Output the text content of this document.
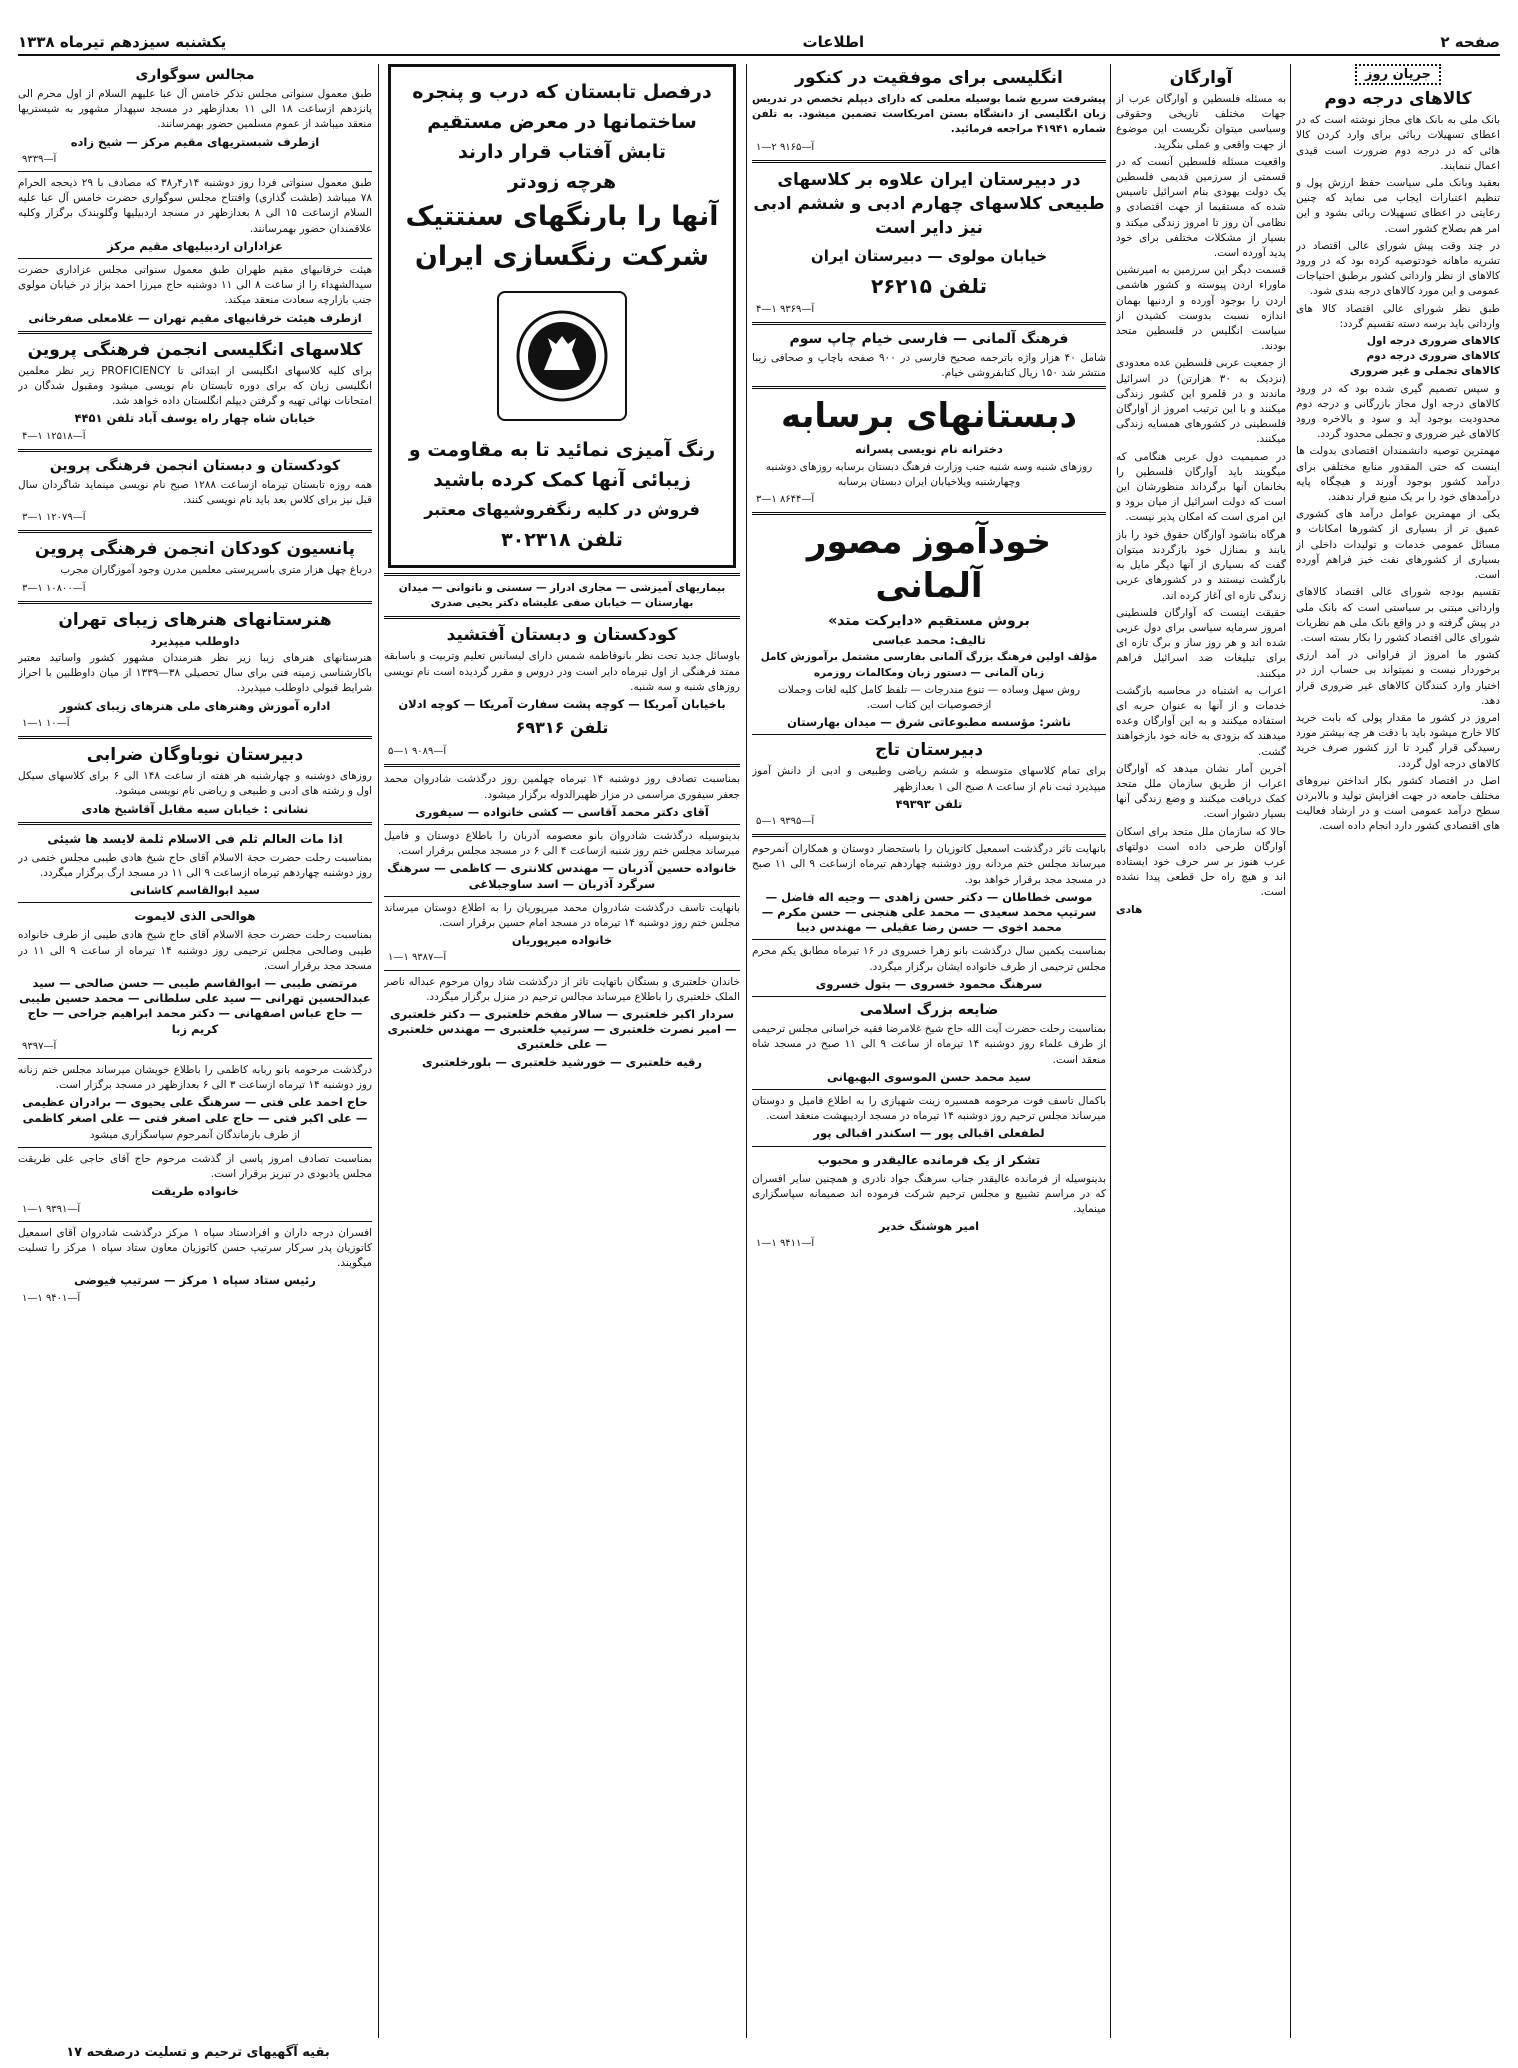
صفحه ۲
اطلاعات
یکشنبه سیزدهم تیرماه ۱۳۳۸
جریان روز
کالاهای درجه دوم

بانک ملی به بانک های مجاز نوشته است که در اعطای تسهیلات ربائی برای وارد کردن کالا هائی که در درجه دوم ضرورت است قیدی اعمال ننمایند.

بعقید وبانک ملی سیاست حفظ ارزش پول و تنظیم اعتبارات ایجاب می نماید که چنین رعایتی در اعطای تسهیلات ربائی بشود و این امر هم بصلاح کشور است.

در چند وقت پیش شورای عالی اقتصاد در تشریه ماهانه خودتوصیه کرده بود که در ورود کالاهای از نظر وارداتی کشور برطبق احتیاجات عمومی و این مورد کالاهای درجه بندی شود.

طبق نظر شورای عالی اقتصاد کالا های وارداتی باید برسه دسته تقسیم گردد:

کالاهای ضروری درجه اول
کالاهای ضروری درجه دوم
کالاهای تجملی و غیر ضروری

و سپس تصمیم گیری شده بود که در ورود کالاهای درجه اول مجاز بازرگانی و درجه دوم محدودیت بوجود آید و سود و بالاخره ورود کالاهای غیر ضروری و تجملی محدود گردد.

مهمترین توصیه دانشمندان اقتصادی بدولت ها اینست که حتی المقدور منابع مختلفی برای درآمد کشور بوجود آورند و هیچگاه پایه درآمدهای خود را بر یک منبع قرار ندهند.

یکی از مهمترین عوامل درآمد های کشوری عمیق تر از بسیاری از کشورها امکانات و مسائل عمومی خدمات و تولیدات داخلی از بسیاری از کشورهای نفت خیز فراهم آورده است.

تقسیم بودجه شورای عالی اقتصاد کالاهای وارداتی مبتنی بر سیاستی است که بانک ملی در پیش گرفته و در واقع بانک ملی هم نظریات شورای عالی اقتصاد کشور را بکار بسته است.

کشور ما امروز از فراوانی در آمد ارزی برخوردار نیست و نمیتواند بی حساب ارز در اختیار وارد کنندگان کالاهای غیر ضروری قرار دهد.

امروز در کشور ما مقدار پولی که بابت خرید کالا خارج میشود باید با دقت هر چه بیشتر مورد رسیدگی قرار گیرد تا ارز کشور صرف خرید کالاهای درجه اول گردد.

اصل در اقتصاد کشور بکار انداختن نیروهای مختلف جامعه در جهت افزایش تولید و بالابردن سطح درآمد عمومی است و در ارشاد فعالیت های اقتصادی کشور دارد انجام داده است.

آوارگان

به مسئله فلسطین و آوارگان عرب از جهات مختلف تاریخی وحقوقی وسیاسی میتوان نگریست این موضوع از جهت واقعی و عملی بنگرید.

واقعیت مسئله فلسطین آنست که در قسمتی از سرزمین قدیمی فلسطین یک دولت یهودی بنام اسرائیل تاسیس شده که مستقیما از جهت اقتصادی و نظامی آن روز تا امروز زندگی میکند و بسیار از مشکلات مختلفی برای خود پدید آورده است.

قسمت دیگر این سرزمین به امیرنشین ماوراء اردن پیوسته و کشور هاشمی اردن را بوجود آورده و اردنیها بهمان اندازه نسبت بدوست کشیدن از سیاست انگلیس در فلسطین متحد بودند.

از جمعیت عربی فلسطین عده معدودی (نزدیک به ۳۰ هزارتن) در اسرائیل ماندند و در قلمرو این کشور زندگی میکنند و با این ترتیب امروز از آوارگان فلسطینی در کشورهای همسایه زندگی میکنند.

در صمیمیت دول عربی هنگامی که میگویند باید آوارگان فلسطین را بخانمان آنها برگرداند منظورشان این است که دولت اسرائیل از میان برود و این امری است که امکان پذیر نیست.

هرگاه بناشود آوارگان حقوق خود را باز یابند و بمنازل خود بازگردند میتوان گفت که بسیاری از آنها دیگر مایل به بازگشت نیستند و در کشورهای عربی زندگی تازه ای آغاز کرده اند.

حقیقت اینست که آوارگان فلسطینی امروز سرمایه سیاسی برای دول عربی شده اند و هر روز ساز و برگ تازه ای برای تبلیغات ضد اسرائیل فراهم میکنند.

اعراب به اشتباه در محاسبه بازگشت خدمات و از آنها به عنوان حربه ای استفاده میکنند و به این آوارگان وعده میدهند که بزودی به خانه خود بازخواهند گشت.

آخرین آمار نشان میدهد که آوارگان اعراب از طریق سازمان ملل متحد کمک دریافت میکنند و وضع زندگی آنها بسیار دشوار است.

حالا که سازمان ملل متحد برای اسکان آوارگان طرحی داده است دولتهای عرب هنوز بر سر حرف خود ایستاده اند و هیچ راه حل قطعی پیدا نشده است.

هادی

انگلیسی برای موفقیت در کنکور

پیشرفت سریع شما بوسیله معلمی که دارای دیپلم تخصص در تدریس زبان انگلیسی از دانشگاه بستن امریکاست تضمین میشود. به تلفن شماره ۴۱۹۴۱ مراجعه فرمائید.

آ—۹۱۶۵ ۲—۱

در دبیرستان ایران علاوه بر کلاسهای طبیعی کلاسهای چهارم ادبی و ششم ادبی نیز دایر است

خیابان مولوی — دبیرستان ایران

تلفن ۲۶۲۱۵

آ—۹۳۶۹ ۱—۴
فرهنگ آلمانی — فارسی خیام چاپ سوم

شامل ۴۰ هزار واژه باترجمه صحیح فارسی در ۹۰۰ صفحه باچاپ و صحافی زیبا منتشر شد ۱۵۰ ریال کتابفروشی خیام.

دبستانهای برسابه

دخترانه نام نویسی پسرانه

روزهای شنبه وسه شنبه جنب وزارت فرهنگ دبستان برسابه روزهای دوشنبه وچهارشنبه ویلاخیابان ایران دبستان برسابه

آ—۸۶۴۴ ۱—۳
خودآموز مصور آلمانی
بروش مستقیم «دایرکت متد»

تالیف: محمد عباسی

مؤلف اولین فرهنگ بزرگ آلمانی بفارسی مشتمل برآموزش کامل زبان آلمانی — دستور زبان ومکالمات روزمره

روش سهل وساده — تنوع مندرجات — تلفظ کامل کلیه لغات وجملات ازخصوصیات این کتاب است.

ناشر: مؤسسه مطبوعاتی شرق — میدان بهارستان

دبیرستان تاج

برای تمام کلاسهای متوسطه و ششم ریاضی وطبیعی و ادبی از دانش آموز میپذیرد ثبت نام از ساعت ۸ صبح الی ۱ بعدازظهر

تلفن ۴۹۳۹۳

آ—۹۳۹۵ ۱—۵

بانهایت تاثر درگذشت اسمعیل کاتوزیان را باستحضار دوستان و همکاران آنمرحوم میرساند مجلس ختم مردانه روز دوشنبه چهاردهم تیرماه ازساعت ۹ الی ۱۱ صبح در مسجد مجد برقرار خواهد بود.

موسی خطاطان — دکتر حسن زاهدی — وجیه اله فاضل — سرتیپ محمد سعیدی — محمد علی هنجنی — حسن مکرم — محمد اخوی — حسن رضا عقیلی — مهندس دیبا

بمناسبت یکمین سال درگذشت بانو زهرا خسروی در ۱۶ تیرماه مطابق یکم محرم مجلس ترحیمی از طرف خانواده ایشان برگزار میگردد.

سرهنگ محمود خسروی — بتول خسروی

ضایعه بزرگ اسلامی

بمناسبت رحلت حضرت آیت الله حاج شیخ غلامرضا فقیه خراسانی مجلس ترحیمی از طرف علماء روز دوشنبه ۱۴ تیرماه از ساعت ۹ الی ۱۱ صبح در مسجد شاه منعقد است.

سید محمد حسن الموسوی البهبهانی

باکمال تاسف فوت مرحومه همسیره زینت شهیازی را به اطلاع فامیل و دوستان میرساند مجلس ترحیم روز دوشنبه ۱۴ تیرماه در مسجد اردیبهشت منعقد است.

لطفعلی اقبالی پور — اسکندر اقبالی پور

تشکر از یک فرمانده عالیقدر و محبوب

بدینوسیله از فرمانده عالیقدر جناب سرهنگ جواد نادری و همچنین سایر افسران که در مراسم تشییع و مجلس ترحیم شرکت فرموده اند صمیمانه سپاسگزاری مینماید.

امیر هوشنگ خدیر

آ—۹۴۱۱ ۱—۱
درفصل تابستان که درب و پنجره
ساختمانها در معرض مستقیم
تابش آفتاب قرار دارند
هرچه زودتر
آنها را بارنگهای سنتتیک
شرکت رنگسازی ایران
رنگ آمیزی نمائید تا به مقاومت و
زیبائی آنها کمک کرده باشید
فروش در کلیه رنگفروشیهای معتبر
تلفن ۳۰۲۳۱۸

بیماریهای آمیزشی — مجاری ادرار — سستی و ناتوانی — میدان بهارستان — خیابان صفی علیشاه دکتر یحیی صدری

کودکستان و دبستان آفتشید

باوسائل جدید تحت نظر بانوفاطمه شمس دارای لیسانس تعلیم وتربیت و باسابقه ممتد فرهنگی از اول تیرماه دایر است ودر دروس و مقرر گردیده است نام نویسی روزهای شنبه و سه شنبه.

باخیابان آمریکا — کوچه پشت سفارت آمریکا — کوچه ادلان

تلفن ۶۹۳۱۶

آ—۹۰۸۹ ۱—۵

بمناسبت تصادف روز دوشنبه ۱۴ تیرماه چهلمین روز درگذشت شادروان محمد جعفر سیفوری مراسمی در مزار ظهیرالدوله برگزار میشود.

آقای دکتر محمد آقاسی — کشی خانواده — سیفوری

بدینوسیله درگذشت شادروان بانو معصومه آذربان را باطلاع دوستان و فامیل میرساند مجلس ختم روز شنبه ازساعت ۴ الی ۶ در مسجد مجلس برقرار است.

خانواده حسین آذربان — مهندس کلانتری — کاظمی — سرهنگ سرگرد آذربان — اسد ساوجبلاغی

بانهایت تاسف درگذشت شادروان محمد میرپوریان را به اطلاع دوستان میرساند مجلس ختم روز دوشنبه ۱۴ تیرماه در مسجد امام حسین برقرار است.

خانواده میرپوریان

آ—۹۳۸۷ ۱—۱

خاندان خلعتبری و بستگان باتهایت تاثر از درگذشت شاد روان مرحوم عبداله ناصر الملک خلعتبری را باطلاع میرساند مجالس ترحیم در منزل برگزار میگردد.

سردار اکبر خلعتبری — سالار مفخم خلعتبری — دکتر خلعتبری — امیر نصرت خلعتبری — سرتیپ خلعتبری — مهندس خلعتبری — علی خلعتبری

رقیه خلعتبری — خورشید خلعتبری — بلورخلعتبری

مجالس سوگواری

طبق معمول سنواتی مجلس تذکر خامس آل عبا علیهم السلام از اول محرم الی پانزدهم ازساعت ۱۸ الی ۱۱ بعدازظهر در مسجد سپهدار مشهور به شیستریها منعقد میباشد از عموم مسلمین حضور بهمرسانند.

ازطرف شبستریهای مقیم مرکز — شیخ زاده

آ—۹۳۳۹

طبق معمول سنواتی فردا روز دوشنبه ۱۴ر۴ر۳۸ که مصادف با ۲۹ ذیحجه الحرام ۷۸ میباشد (طشت گذاری) وافتتاح مجلس سوگواری حضرت خامس آل عبا علیه السلام ازساعت ۱۵ الی ۸ بعدازظهر در مسجد اردبیلیها وگلوبندک برگزار وکلیه علاقمندان حضور بهمرسانند.

عزاداران اردبیلیهای مقیم مرکز

هیئت خرقانیهای مقیم طهران طبق معمول سنواتی مجلس عزاداری حضرت سیدالشهداء را از ساعت ۸ الی ۱۱ دوشنبه حاج میرزا احمد بزاز در خیابان مولوی جنب بازارچه سعادت منعقد میکند.

ازطرف هیئت خرقانیهای مقیم تهران — غلامعلی صفرخانی

کلاسهای انگلیسی انجمن فرهنگی پروین

برای کلیه کلاسهای انگلیسی از ابتدائی تا PROFICIENCY زیر نظر معلمین انگلیسی زبان که برای دوره تابستان نام نویسی میشود ومقبول شدگان در امتحانات نهائی تهیه و گرفتن دیپلم انگلستان داده خواهد شد.

خیابان شاه چهار راه یوسف آباد تلفن ۴۴۵۱

آ—۱۲۵۱۸ ۱—۴
کودکستان و دبستان انجمن فرهنگی پروین

همه روزه تابستان تیرماه ازساعت ۱۲۸۸ صبح نام نویسی مینماید شاگردان سال قبل نیز برای کلاس بعد باید نام نویسی کنند.

آ—۱۲۰۷۹ ۱—۳
پانسیون کودکان انجمن فرهنگی پروین

درباغ چهل هزار متری باسرپرستی معلمین مدرن وجود آموزگاران مجرب

آ—۱۰۸۰۰ ۱—۳
هنرستانهای هنرهای زیبای تهران

داوطلب میپذیرد

هنرستانهای هنرهای زیبا زیر نظر هنرمندان مشهور کشور واساتید معتبر باکارشناسی زمینه فنی برای سال تحصیلی ۳۸—۱۳۳۹ از میان داوطلبین با احراز شرایط قبولی داوطلب میپذیرد.

اداره آموزش وهنرهای ملی هنرهای زیبای کشور

آ—۱۰ ۱—۱
دبیرستان نوباوگان ضرابی

روزهای دوشنبه و چهارشنبه هر هفته از ساعت ۱۴۸ الی ۶ برای کلاسهای سیکل اول و رشته های ادبی و طبیعی و ریاضی نام نویسی میشود.

نشانی : خیابان سیه مقابل آقاشیخ هادی

اذا مات العالم ثلم فی الاسلام ثلمة لایسد ها شیئی

بمناسبت رحلت حضرت حجة الاسلام آقای حاج شیخ هادی طیبی مجلس ختمی در روز دوشنبه چهاردهم تیرماه ازساعت ۹ الی ۱۱ در مسجد ارگ برگزار میگردد.

سید ابوالقاسم کاشانی

هوالحی الذی لایموت

بمناسبت رحلت حضرت حجة الاسلام آقای حاج شیخ هادی طیبی از طرف خانواده طیبی وصالحی مجلس ترحیمی روز دوشنبه ۱۴ تیرماه از ساعت ۹ الی ۱۱ در مسجد مجد برقرار است.

مرتضی طیبی — ابوالقاسم طیبی — حسن صالحی — سید عبدالحسین تهرانی — سید علی سلطانی — محمد حسین طیبی — حاج عباس اصفهانی — دکتر محمد ابراهیم جراحی — حاج کریم زبا

آ—۹۳۹۷

درگذشت مرحومه بانو ربابه کاظمی را باطلاع خویشان میرساند مجلس ختم زنانه روز دوشنبه ۱۴ تیرماه ازساعت ۳ الی ۶ بعدازظهر در مسجد برگزار است.

حاج احمد علی فتی — سرهنگ علی یحیوی — برادران عظیمی — علی اکبر فتی — حاج علی اصغر فتی — علی اصغر کاظمی

از طرف بازماندگان آنمرحوم سپاسگزاری میشود

بمناسبت تصادف امروز پاسی از گذشت مرحوم حاج آقای حاجی علی طریقت مجلس یادبودی در تبریز برقرار است.

خانواده طریقت

آ—۹۳۹۱ ۱—۱

افسران درجه داران و افرادستاد سپاه ۱ مرکز درگذشت شادروان آقای اسمعیل کاتوزیان پدر سرکار سرتیپ حسن کاتوزیان معاون ستاد سپاه ۱ مرکز را تسلیت میگویند.

رئیس ستاد سپاه ۱ مرکز — سرتیپ فیوضی

آ—۹۴۰۱ ۱—۱
بقیه آگهیهای ترحیم و تسلیت درصفحه ۱۷
